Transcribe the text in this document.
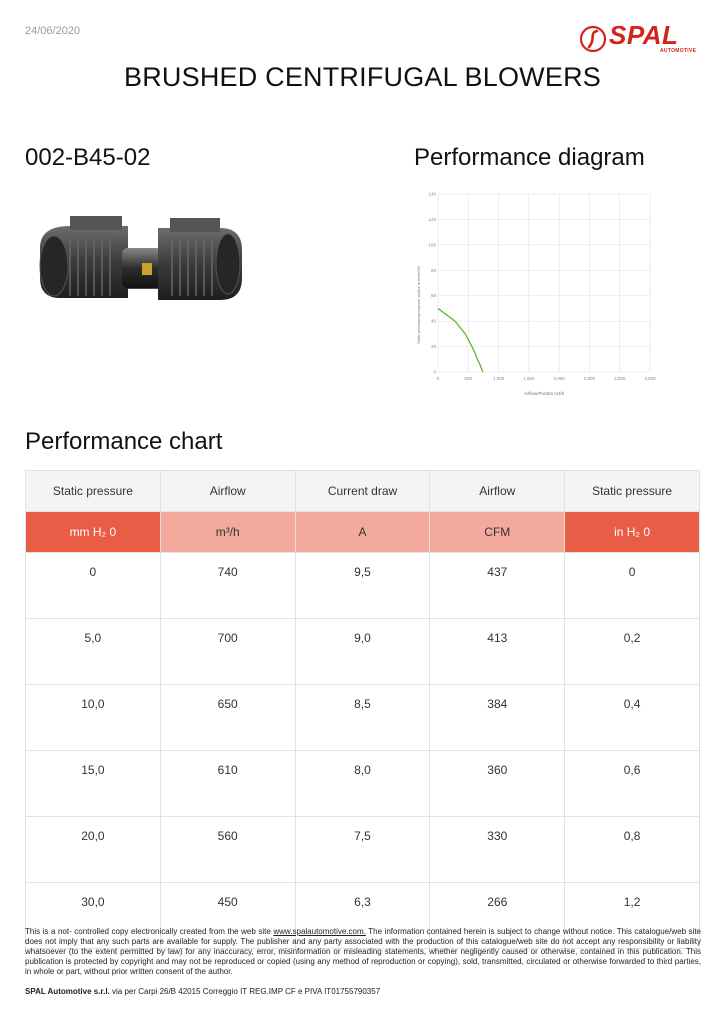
24/06/2020	SPAL
AUTOMOTIVE
BRUSHED CENTRIFUGAL BLOWERS
002-B45-02	Performance diagram
0
20
40
60
80
100
120
140
0	500	1,000	1,500	2,000	2,500	3,000	3,500
Static pressure/pressione statica in mmH2O
Airflow/Portata m3/h
Performance chart
Static pressure	Airflow	Current draw	Airflow	Static pressure
mm H₂ 0	m³/h	A	CFM	in H₂ 0
0	740	9,5	437	0
5,0	700	9,0	413	0,2
10,0	650	8,5	384	0,4
15,0	610	8,0	360	0,6
20,0	560	7,5	330	0,8
30,0	450	6,3	266	1,2
This is a not- controlled copy electronically created from the web site www.spalautomotive.com. The information contained herein is subject to change without notice. This catalogue/web site does not imply that any such parts are available for supply. The publisher and any party associated with the production of this catalogue/web site do not accept any responsibility or liability whatsoever (to the extent permitted by law) for any inaccuracy, error, misinformation or misleading statements, whether negligently caused or otherwise, contained in this publication. This publication is protected by copyright and may not be reproduced or copied (using any method of reproduction or copying), sold, transmitted, circulated or otherwise forwarded to third parties, in whole or part, without prior written consent of the author.
SPAL Automotive s.r.l. via per Carpi 26/B 42015 Correggio IT REG.IMP CF e PIVA IT01755790357
